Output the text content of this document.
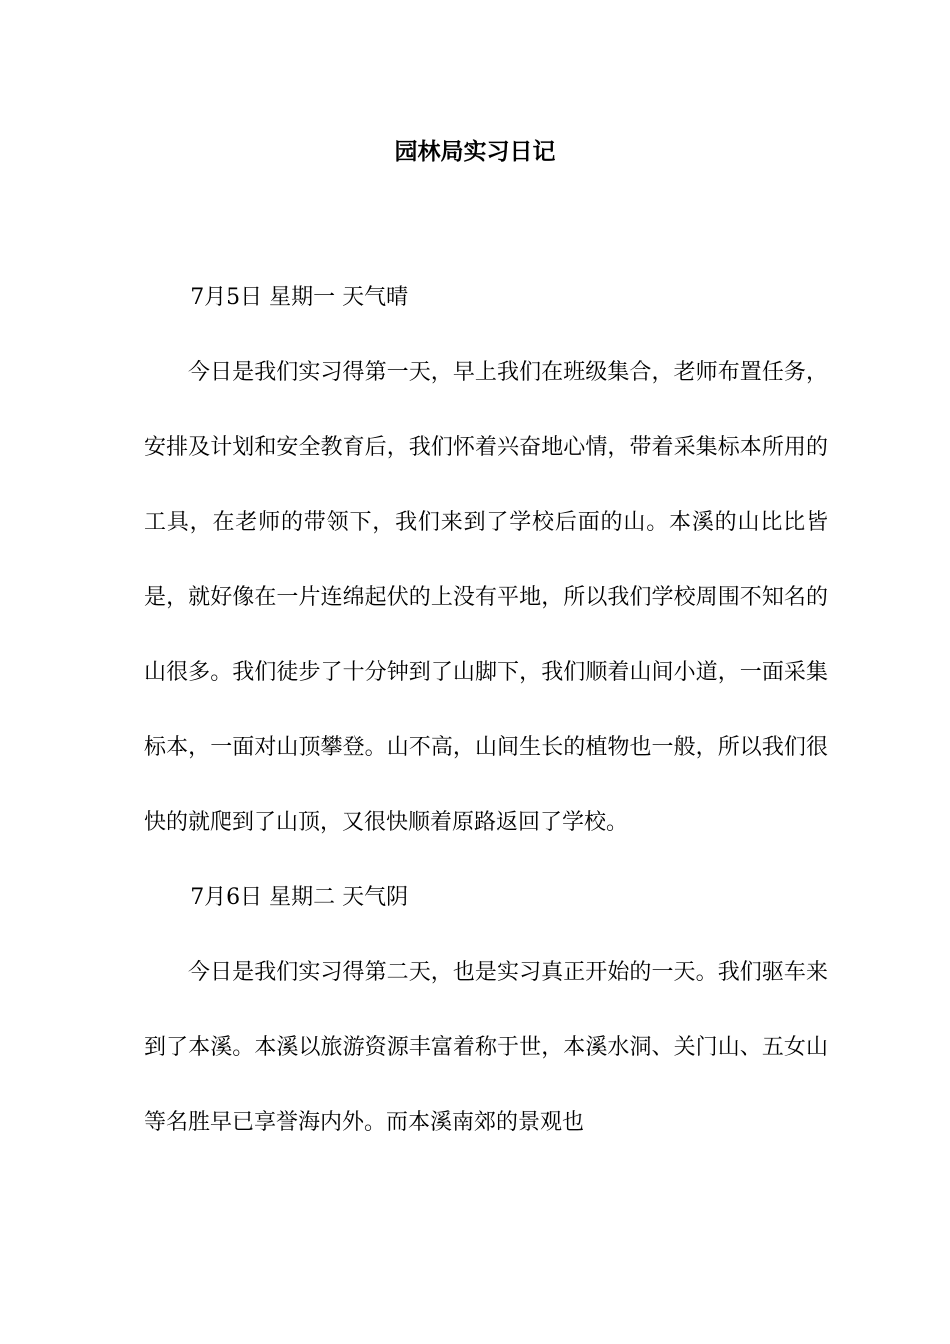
园林局实习日记

7月5日 星期一 天气晴

今日是我们实习得第一天，早上我们在班级集合，老师布置任务，安排及计划和安全教育后，我们怀着兴奋地心情，带着采集标本所用的工具，在老师的带领下，我们来到了学校后面的山。本溪的山比比皆是，就好像在一片连绵起伏的上没有平地，所以我们学校周围不知名的山很多。我们徒步了十分钟到了山脚下，我们顺着山间小道，一面采集标本，一面对山顶攀登。山不高，山间生长的植物也一般，所以我们很快的就爬到了山顶，又很快顺着原路返回了学校。

7月6日 星期二 天气阴

今日是我们实习得第二天，也是实习真正开始的一天。我们驱车来到了本溪。本溪以旅游资源丰富着称于世，本溪水洞、关门山、五女山等名胜早已享誉海内外。而本溪南郊的景观也
